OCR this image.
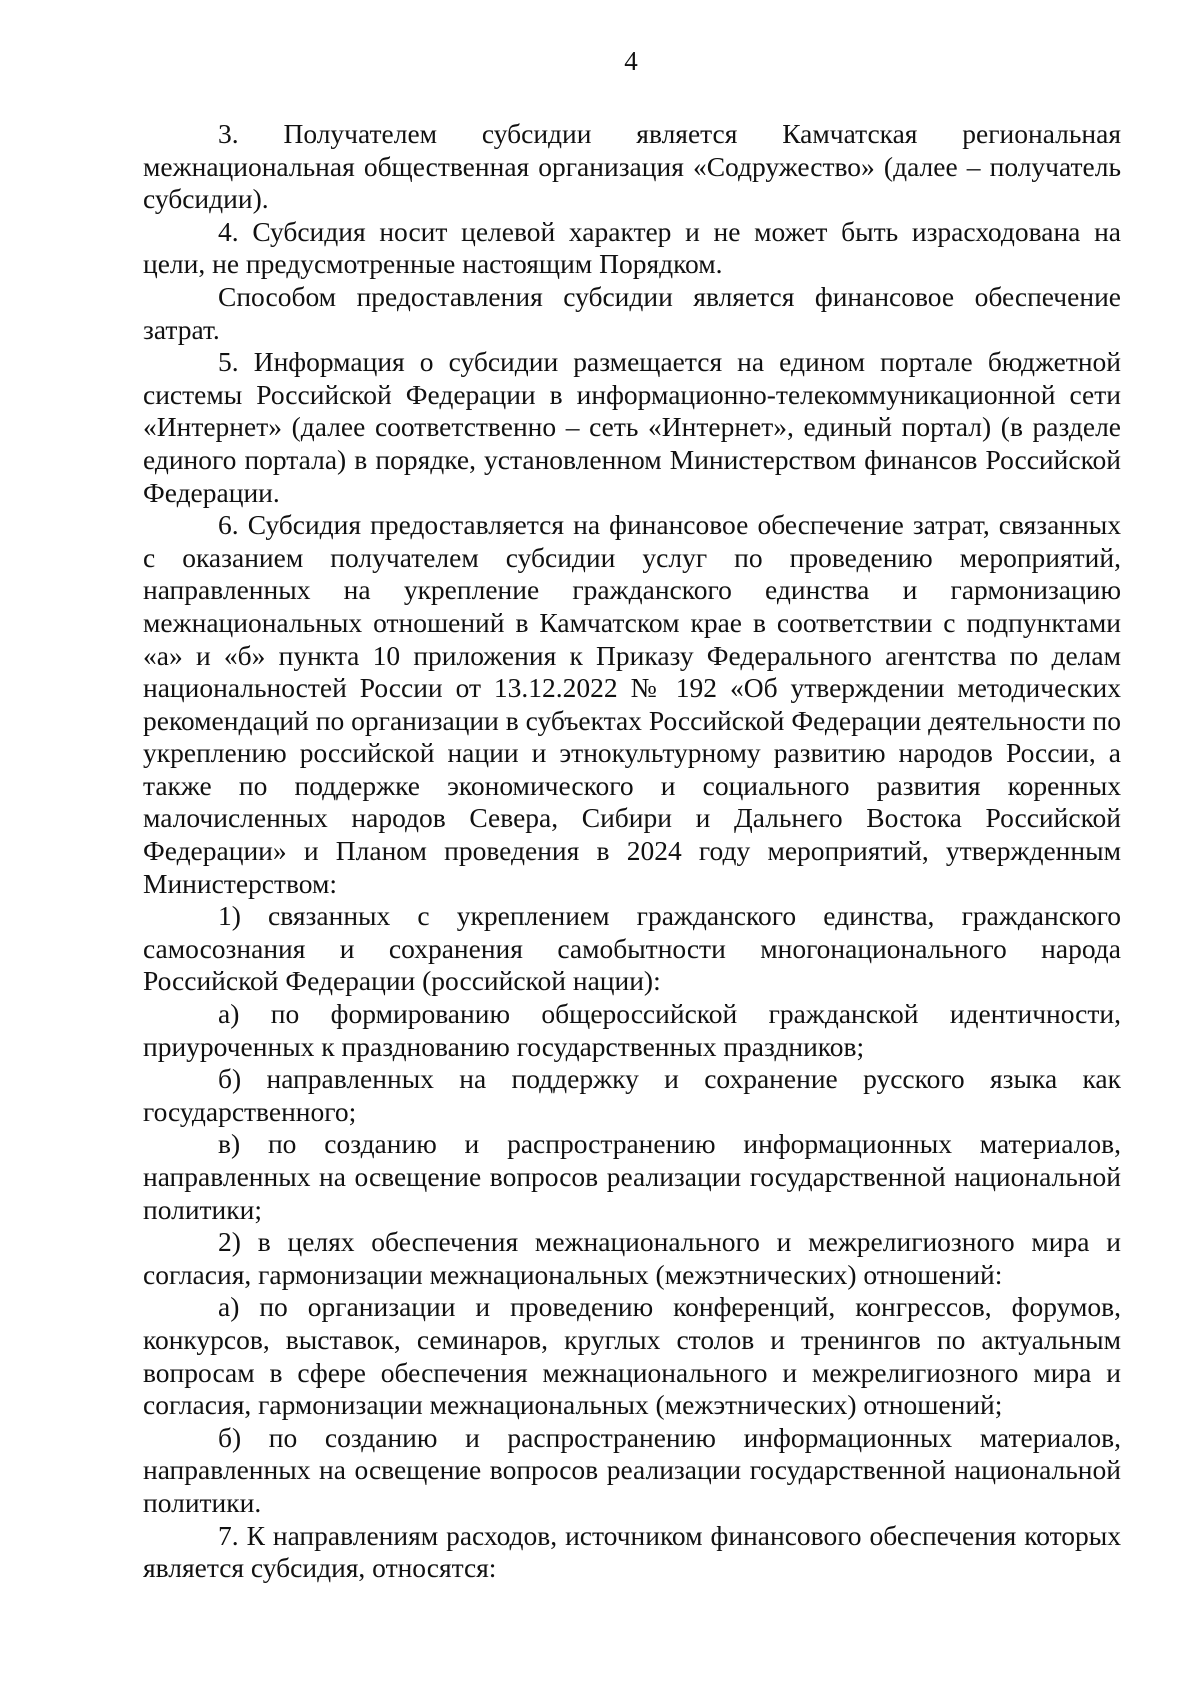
4

3. Получателем субсидии является Камчатская региональная межнациональная общественная организация «Содружество» (далее – получатель субсидии).

4. Субсидия носит целевой характер и не может быть израсходована на цели, не предусмотренные настоящим Порядком.

Способом предоставления субсидии является финансовое обеспечение затрат.

5. Информация о субсидии размещается на едином портале бюджетной системы Российской Федерации в информационно-телекоммуникационной сети «Интернет» (далее соответственно – сеть «Интернет», единый портал) (в разделе единого портала) в порядке, установленном Министерством финансов Российской Федерации.

6. Субсидия предоставляется на финансовое обеспечение затрат, связанных с оказанием получателем субсидии услуг по проведению мероприятий, направленных на укрепление гражданского единства и гармонизацию межнациональных отношений в Камчатском крае в соответствии с подпунктами «а» и «б» пункта 10 приложения к Приказу Федерального агентства по делам национальностей России от 13.12.2022 № 192 «Об утверждении методических рекомендаций по организации в субъектах Российской Федерации деятельности по укреплению российской нации и этнокультурному развитию народов России, а также по поддержке экономического и социального развития коренных малочисленных народов Севера, Сибири и Дальнего Востока Российской Федерации» и Планом проведения в 2024 году мероприятий, утвержденным Министерством:

1) связанных с укреплением гражданского единства, гражданского самосознания и сохранения самобытности многонационального народа Российской Федерации (российской нации):

а) по формированию общероссийской гражданской идентичности, приуроченных к празднованию государственных праздников;

б) направленных на поддержку и сохранение русского языка как государственного;

в) по созданию и распространению информационных материалов, направленных на освещение вопросов реализации государственной национальной политики;

2) в целях обеспечения межнационального и межрелигиозного мира и согласия, гармонизации межнациональных (межэтнических) отношений:

а) по организации и проведению конференций, конгрессов, форумов, конкурсов, выставок, семинаров, круглых столов и тренингов по актуальным вопросам в сфере обеспечения межнационального и межрелигиозного мира и согласия, гармонизации межнациональных (межэтнических) отношений;

б) по созданию и распространению информационных материалов, направленных на освещение вопросов реализации государственной национальной политики.

7. К направлениям расходов, источником финансового обеспечения которых является субсидия, относятся:
